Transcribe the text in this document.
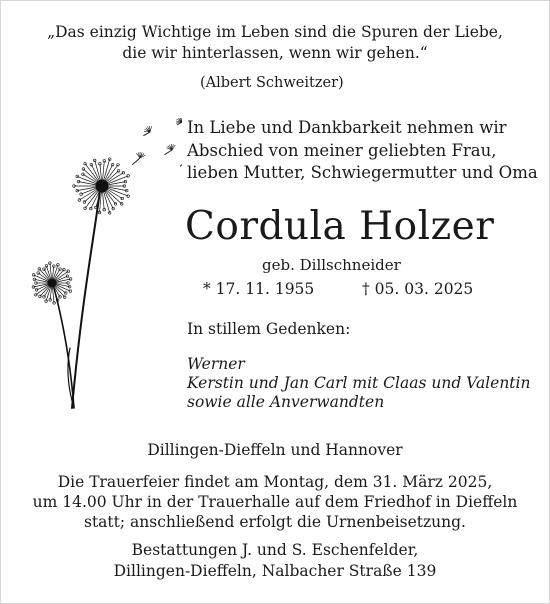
„Das einzig Wichtige im Leben sind die Spuren der Liebe,
die wir hinterlassen, wenn wir gehen.“
(Albert Schweitzer)
In Liebe und Dankbarkeit nehmen wir
Abschied von meiner geliebten Frau,
lieben Mutter, Schwiegermutter und Oma
Cordula Holzer
geb. Dillschneider
* 17. 11. 1955	† 05. 03. 2025
In stillem Gedenken:
Werner
Kerstin und Jan Carl mit Claas und Valentin
sowie alle Anverwandten
Dillingen-Dieffeln und Hannover
Die Trauerfeier findet am Montag, dem 31. März 2025,
um 14.00 Uhr in der Trauerhalle auf dem Friedhof in Dieffeln
statt; anschließend erfolgt die Urnenbeisetzung.
Bestattungen J. und S. Eschenfelder,
Dillingen-Dieffeln, Nalbacher Straße 139
